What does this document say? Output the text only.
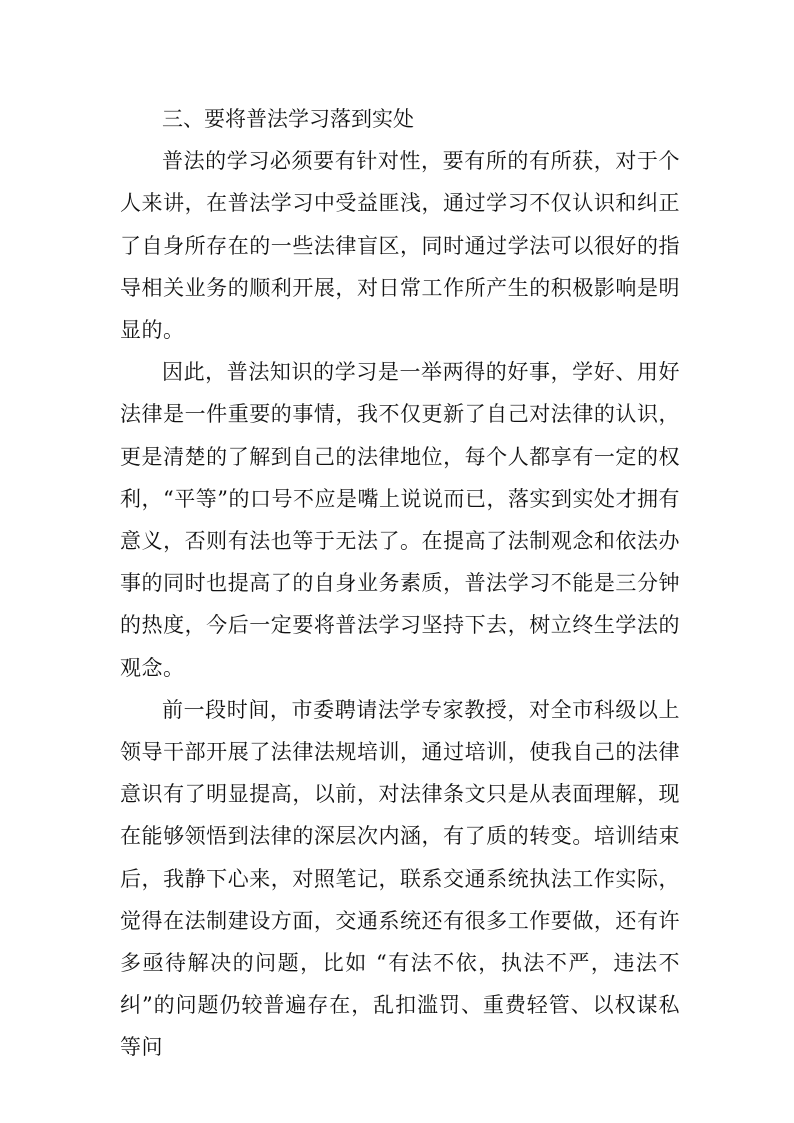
三、要将普法学习落到实处

普法的学习必须要有针对性，要有所的有所获，对于个人来讲，在普法学习中受益匪浅，通过学习不仅认识和纠正了自身所存在的一些法律盲区，同时通过学法可以很好的指导相关业务的顺利开展，对日常工作所产生的积极影响是明显的。

因此，普法知识的学习是一举两得的好事，学好、用好法律是一件重要的事情，我不仅更新了自己对法律的认识，更是清楚的了解到自己的法律地位，每个人都享有一定的权利，“平等”的口号不应是嘴上说说而已，落实到实处才拥有意义，否则有法也等于无法了。在提高了法制观念和依法办事的同时也提高了的自身业务素质，普法学习不能是三分钟的热度，今后一定要将普法学习坚持下去，树立终生学法的观念。

前一段时间，市委聘请法学专家教授，对全市科级以上领导干部开展了法律法规培训，通过培训，使我自己的法律意识有了明显提高，以前，对法律条文只是从表面理解，现在能够领悟到法律的深层次内涵，有了质的转变。培训结束后，我静下心来，对照笔记，联系交通系统执法工作实际，觉得在法制建设方面，交通系统还有很多工作要做，还有许多亟待解决的问题，比如 “有法不依，执法不严，违法不纠”的问题仍较普遍存在，乱扣滥罚、重费轻管、以权谋私等问
